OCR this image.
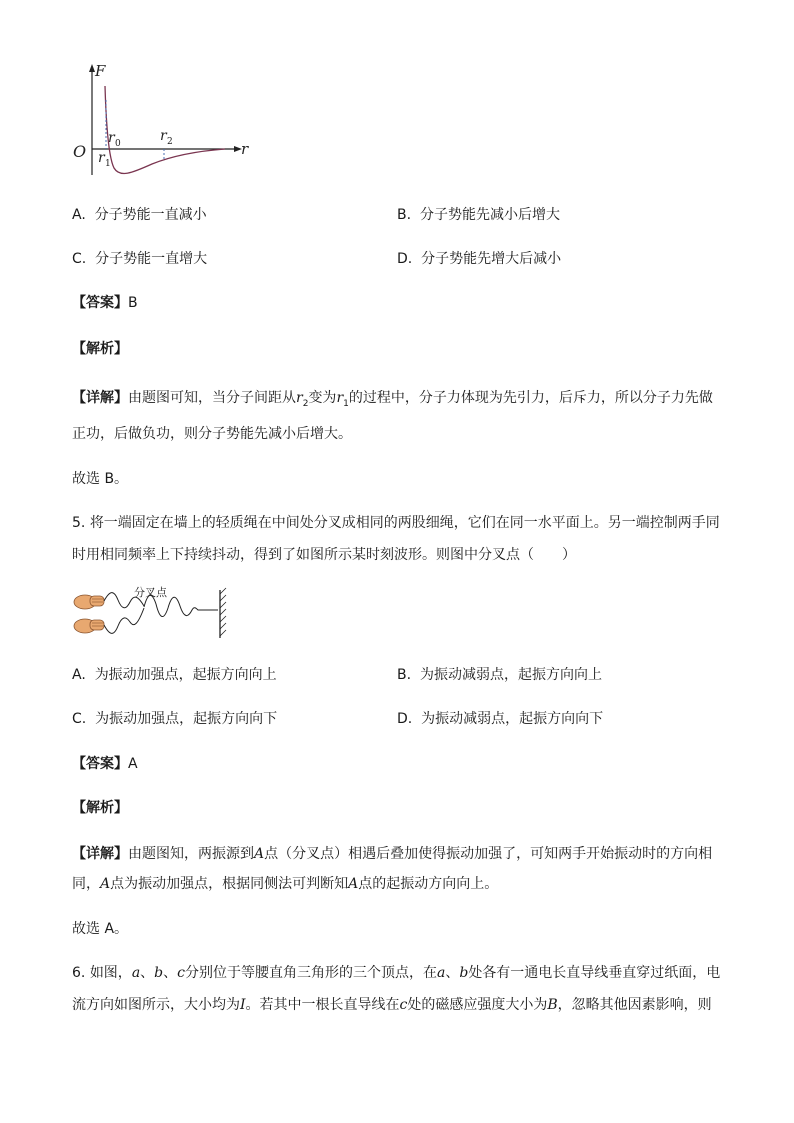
F
r
O
r 0
r 1
r 2
A. 分子势能一直减小	B. 分子势能先减小后增大
C. 分子势能一直增大	D. 分子势能先增大后减小
【答案】B
【解析】
【详解】由题图可知，当分子间距从$r_2$变为$r_1$的过程中，分子力体现为先引力，后斥力，所以分子力先做
正功，后做负功，则分子势能先减小后增大。
故选 B。
5. 将一端固定在墙上的轻质绳在中间处分叉成相同的两股细绳，它们在同一水平面上。另一端控制两手同
时用相同频率上下持续抖动，得到了如图所示某时刻波形。则图中分叉点（　　）
分叉点
A. 为振动加强点，起振方向向上	B. 为振动减弱点，起振方向向上
C. 为振动加强点，起振方向向下	D. 为振动减弱点，起振方向向下
【答案】A
【解析】
【详解】由题图知，两振源到A点（分叉点）相遇后叠加使得振动加强了，可知两手开始振动时的方向相
同，A点为振动加强点，根据同侧法可判断知A点的起振动方向向上。
故选 A。
6. 如图，a、b、c分别位于等腰直角三角形的三个顶点，在a、b处各有一通电长直导线垂直穿过纸面，电
流方向如图所示，大小均为I。若其中一根长直导线在c处的磁感应强度大小为B，忽略其他因素影响，则
